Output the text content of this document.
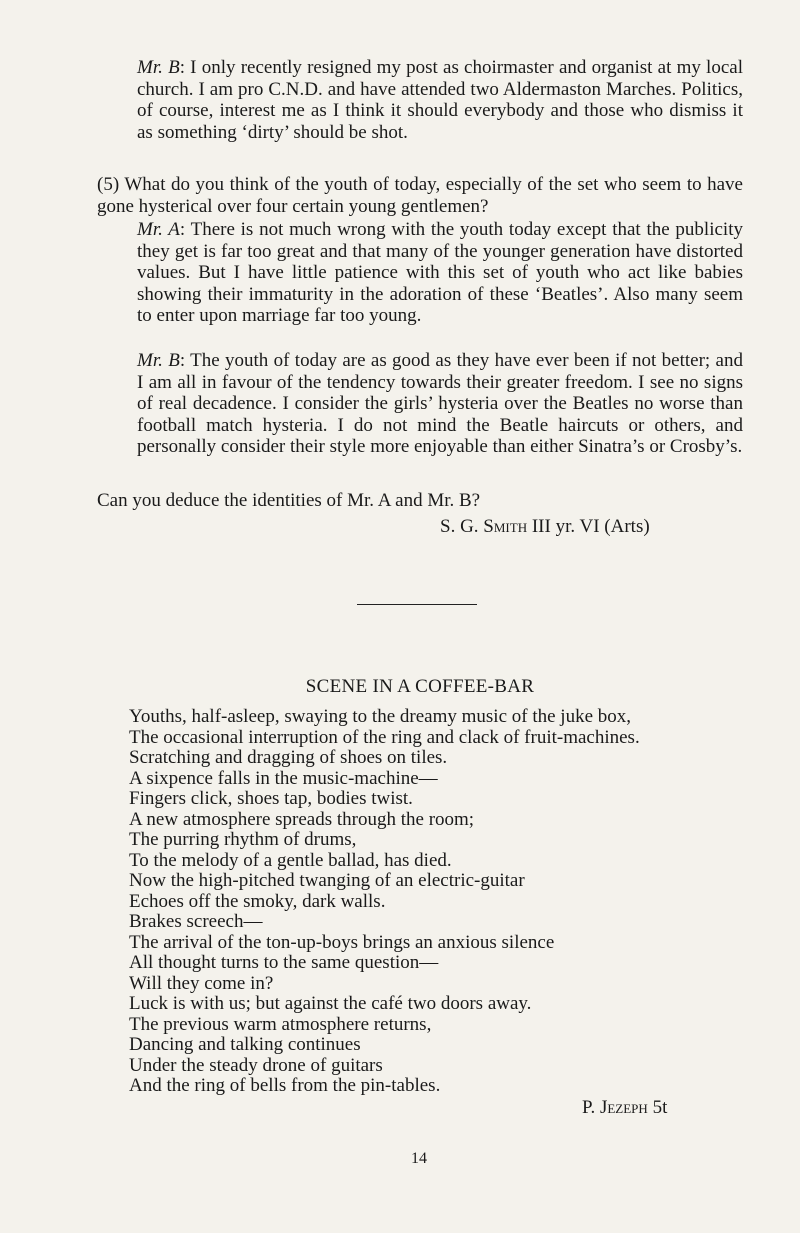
Mr. B: I only recently resigned my post as choirmaster and organist at my local church. I am pro C.N.D. and have attended two Aldermaston Marches. Politics, of course, interest me as I think it should everybody and those who dismiss it as something ‘dirty’ should be shot.

(5) What do you think of the youth of today, especially of the set who seem to have gone hysterical over four certain young gentlemen?

Mr. A: There is not much wrong with the youth today except that the publicity they get is far too great and that many of the younger generation have distorted values. But I have little patience with this set of youth who act like babies showing their immaturity in the adoration of these ‘Beatles’. Also many seem to enter upon marriage far too young.

Mr. B: The youth of today are as good as they have ever been if not better; and I am all in favour of the tendency towards their greater freedom. I see no signs of real decadence. I consider the girls’ hysteria over the Beatles no worse than football match hysteria. I do not mind the Beatle haircuts or others, and personally consider their style more enjoyable than either Sinatra’s or Crosby’s.

Can you deduce the identities of Mr. A and Mr. B?

S. G. Smith III yr. VI (Arts)
SCENE IN A COFFEE-BAR
Youths, half-asleep, swaying to the dreamy music of the juke box,
The occasional interruption of the ring and clack of fruit-machines.
Scratching and dragging of shoes on tiles.
A sixpence falls in the music-machine—
Fingers click, shoes tap, bodies twist.
A new atmosphere spreads through the room;
The purring rhythm of drums,
To the melody of a gentle ballad, has died.
Now the high-pitched twanging of an electric-guitar
Echoes off the smoky, dark walls.
Brakes screech—
The arrival of the ton-up-boys brings an anxious silence
All thought turns to the same question—
Will they come in?
Luck is with us; but against the café two doors away.
The previous warm atmosphere returns,
Dancing and talking continues
Under the steady drone of guitars
And the ring of bells from the pin-tables.
P. Jezeph 5t
14
